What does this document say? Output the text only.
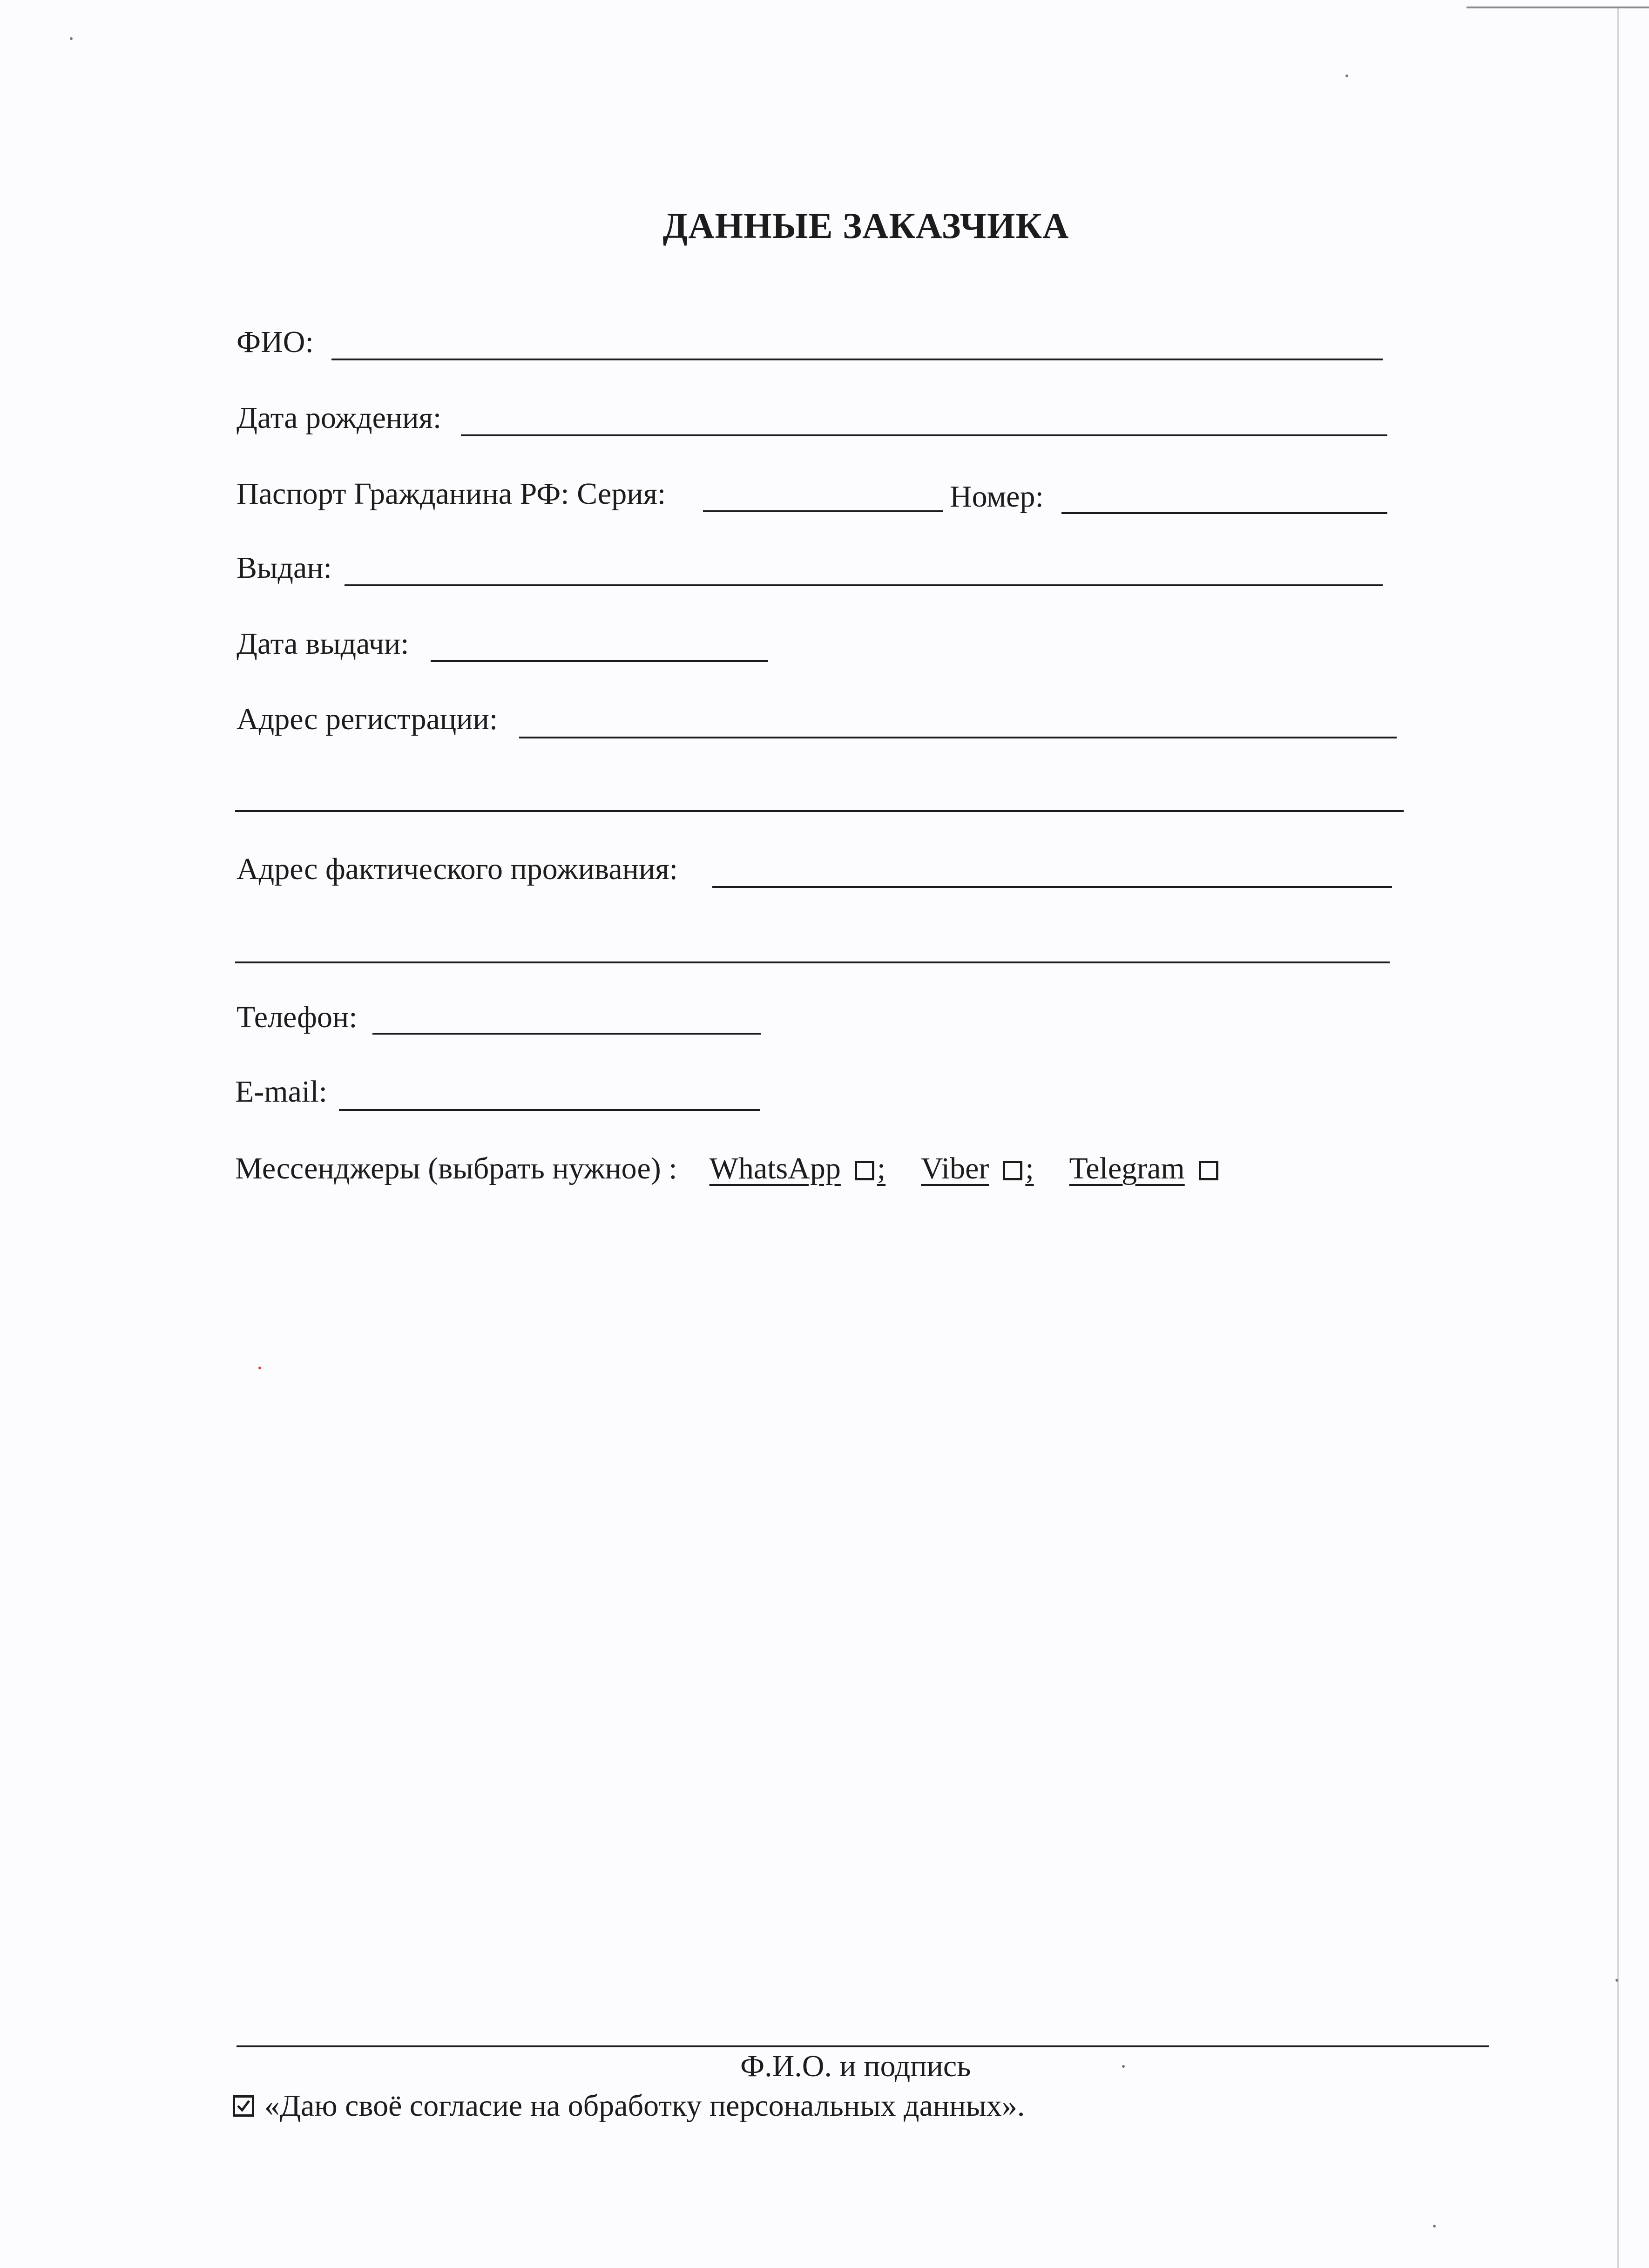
ДАННЫЕ ЗАКАЗЧИКА
ФИО:
Дата рождения:
Паспорт Гражданина РФ: Серия:	Номер:
Выдан:
Дата выдачи:
Адрес регистрации:
Адрес фактического проживания:
Телефон:
E-mail:
Мессенджеры (выбрать нужное) : WhatsApp ; Viber ; Telegram
Ф.И.О. и подпись
«Даю своё согласие на обработку персональных данных».
